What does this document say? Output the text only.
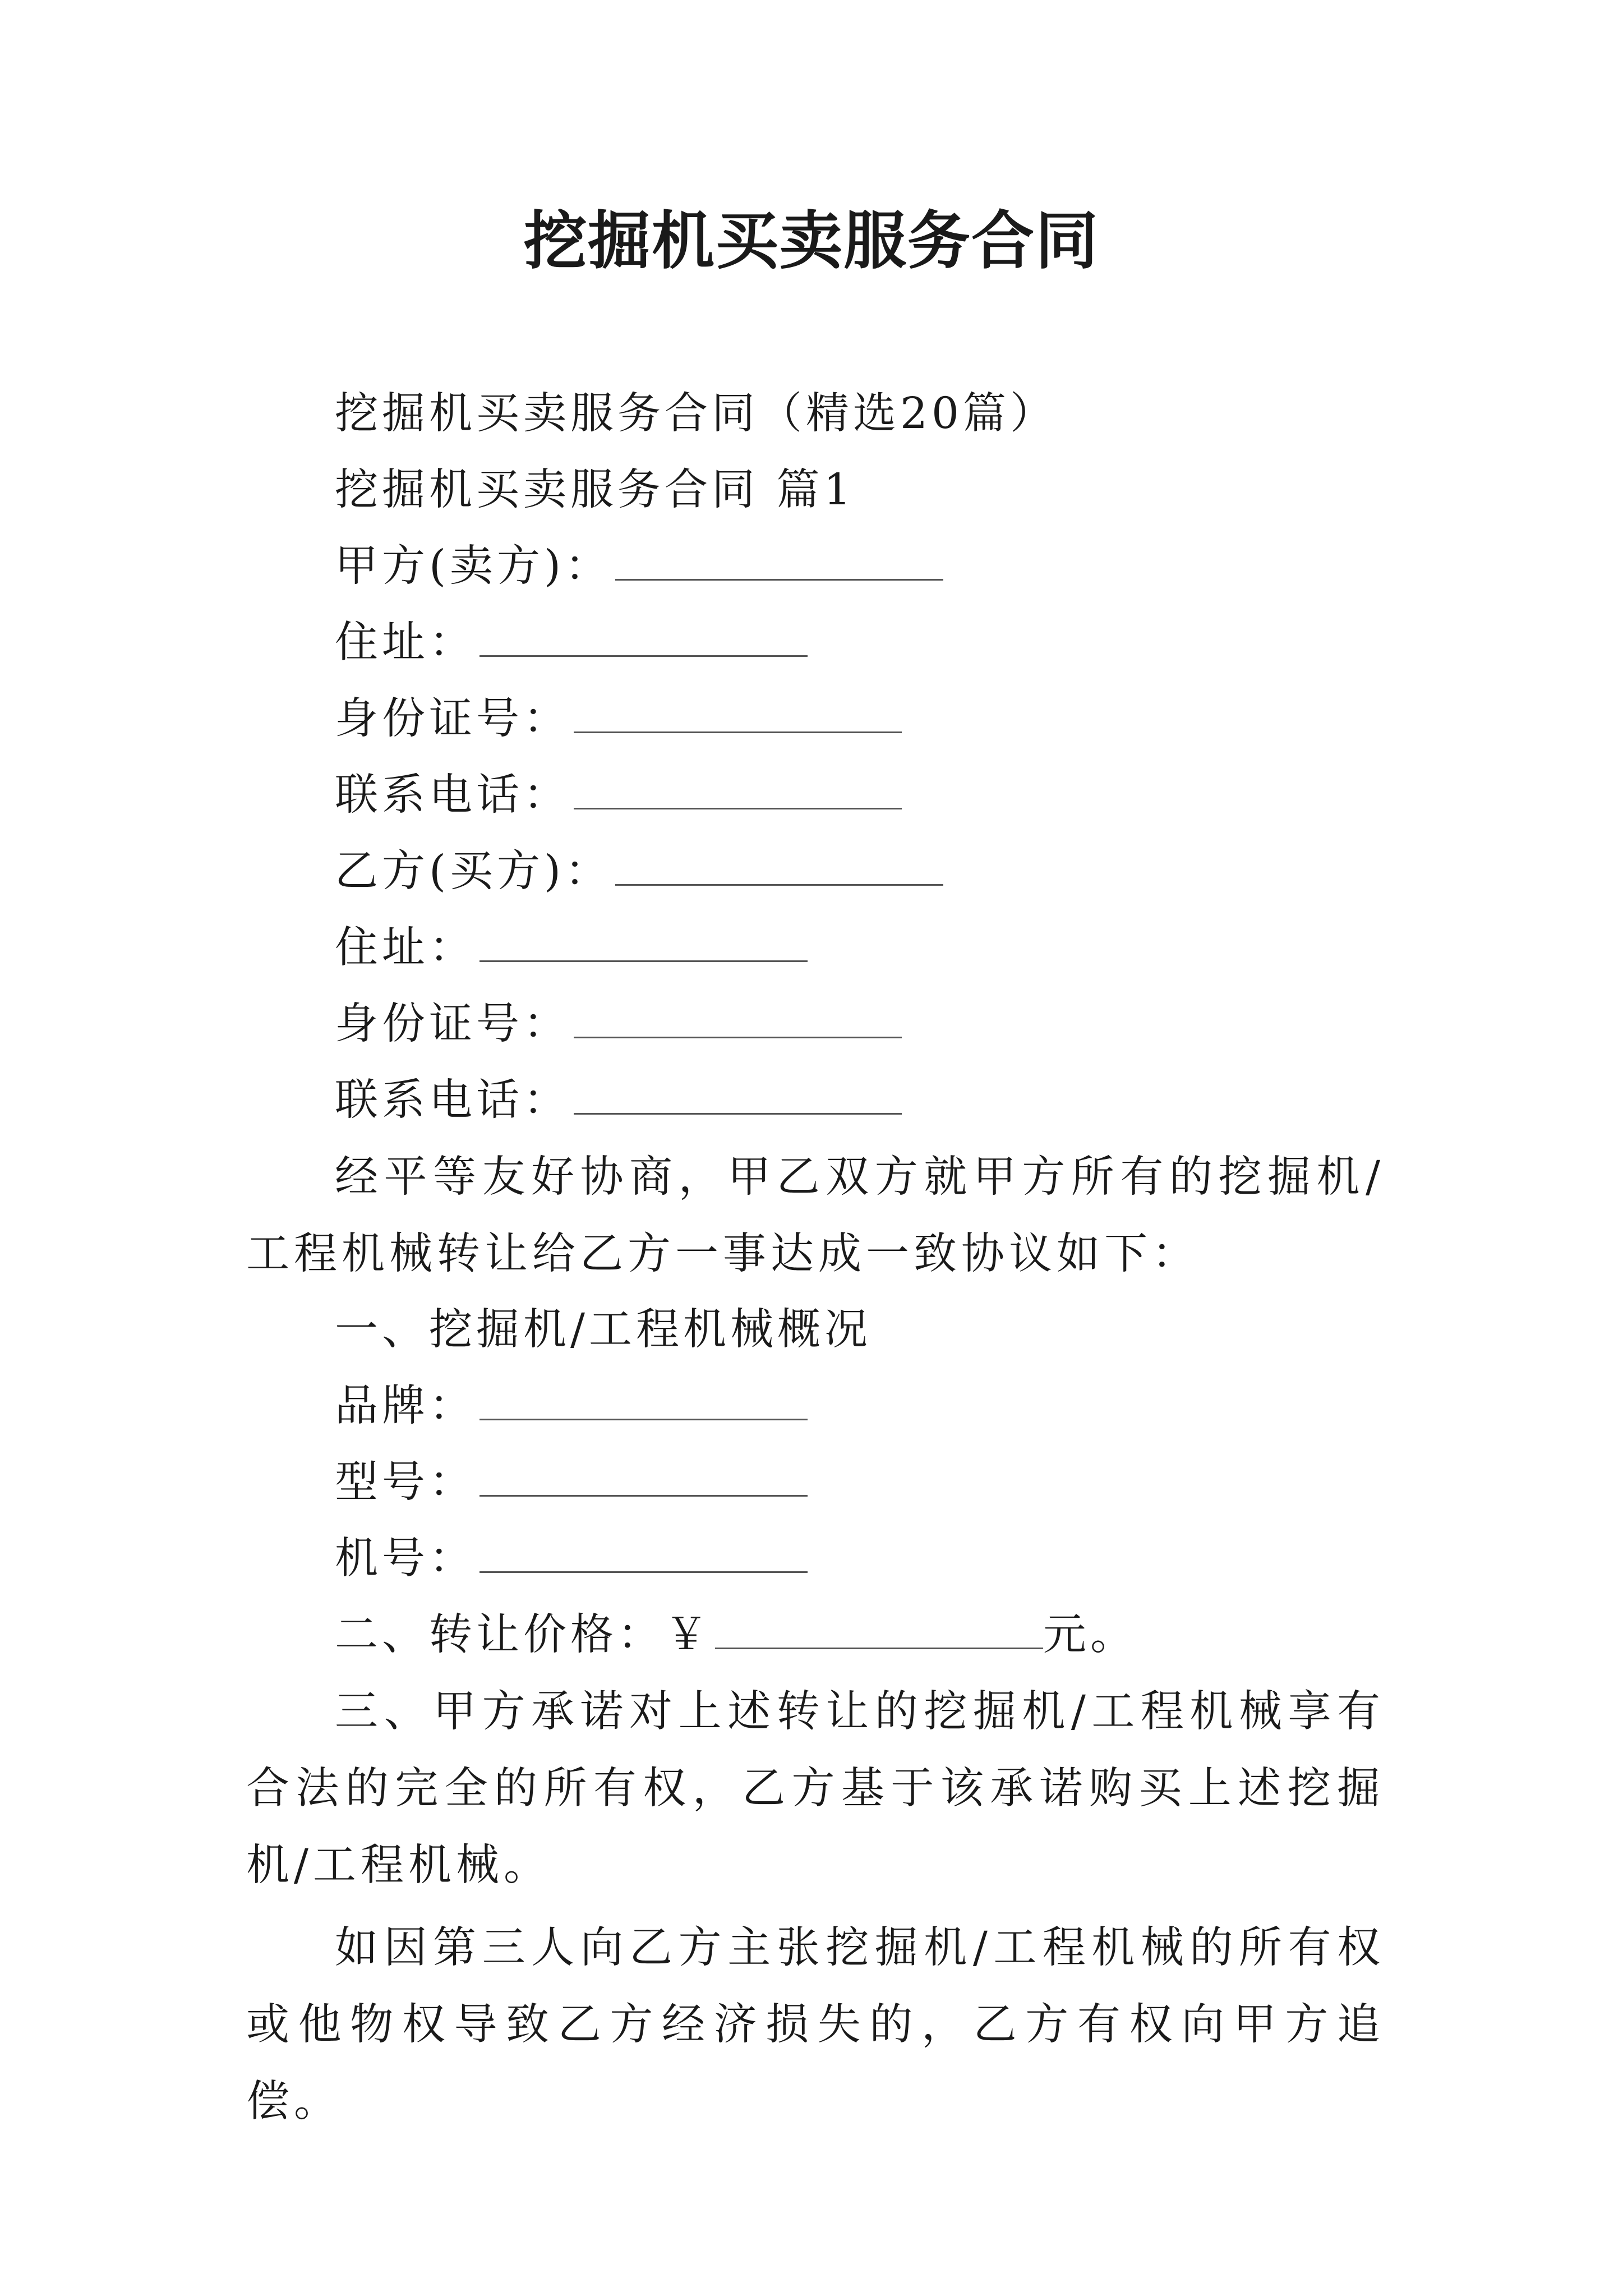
挖掘机买卖服务合同
挖掘机买卖服务合同（精选20篇）
挖掘机买卖服务合同 篇1
甲方(卖方)：
住址：
身份证号：
联系电话：
乙方(买方)：
住址：
身份证号：
联系电话：
经平等友好协商，甲乙双方就甲方所有的挖掘机/工程机械转让给乙方一事达成一致协议如下：
一、挖掘机/工程机械概况
品牌：
型号：
机号：
二、转让价格：￥	元。
三、甲方承诺对上述转让的挖掘机/工程机械享有合法的完全的所有权，乙方基于该承诺购买上述挖掘机/工程机械。
如因第三人向乙方主张挖掘机/工程机械的所有权或他物权导致乙方经济损失的，乙方有权向甲方追偿。
